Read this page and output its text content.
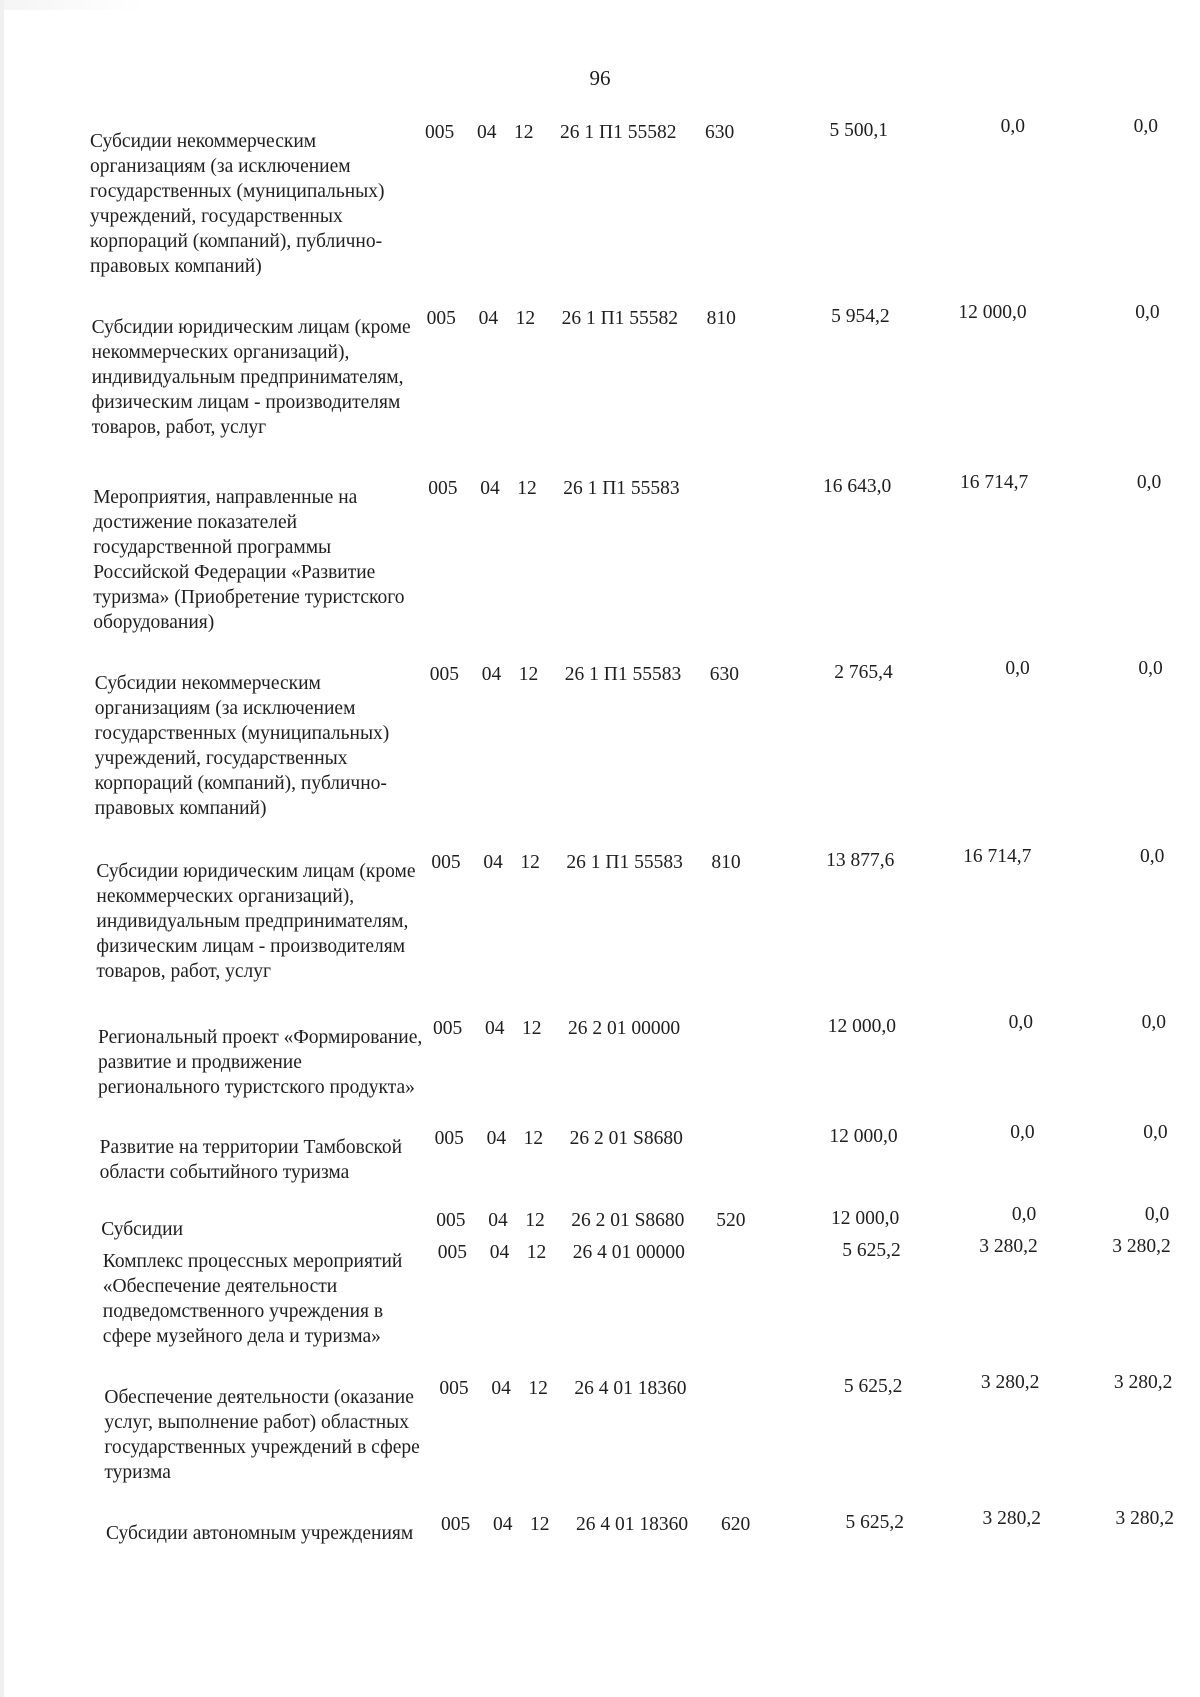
96
Субсидии некоммерческим организациям (за исключением государственных (муниципальных) учреждений, государственных корпораций (компаний), публично-правовых компаний)
005 04 12 26 1 П1 55582 630	5 500,1	0,0	0,0
Субсидии юридическим лицам (кроме некоммерческих организаций), индивидуальным предпринимателям, физическим лицам - производителям товаров, работ, услуг
005 04 12 26 1 П1 55582 810	5 954,2	12 000,0	0,0
Мероприятия, направленные на достижение показателей государственной программы Российской Федерации «Развитие туризма» (Приобретение туристского оборудования)
005 04 12 26 1 П1 55583	16 643,0	16 714,7	0,0
Субсидии некоммерческим организациям (за исключением государственных (муниципальных) учреждений, государственных корпораций (компаний), публично-правовых компаний)
005 04 12 26 1 П1 55583 630	2 765,4	0,0	0,0
Субсидии юридическим лицам (кроме некоммерческих организаций), индивидуальным предпринимателям, физическим лицам - производителям товаров, работ, услуг
005 04 12 26 1 П1 55583 810	13 877,6	16 714,7	0,0
Региональный проект «Формирование, развитие и продвижение регионального туристского продукта»
005 04 12 26 2 01 00000	12 000,0	0,0	0,0
Развитие на территории Тамбовской области событийного туризма
005 04 12 26 2 01 S8680	12 000,0	0,0	0,0
Субсидии	005 04 12 26 2 01 S8680 520	12 000,0	0,0	0,0
Комплекс процессных мероприятий «Обеспечение деятельности подведомственного учреждения в сфере музейного дела и туризма»
005 04 12 26 4 01 00000	5 625,2	3 280,2	3 280,2
Обеспечение деятельности (оказание услуг, выполнение работ) областных государственных учреждений в сфере туризма
005 04 12 26 4 01 18360	5 625,2	3 280,2	3 280,2
Субсидии автономным учреждениям	005 04 12 26 4 01 18360 620	5 625,2	3 280,2	3 280,2
